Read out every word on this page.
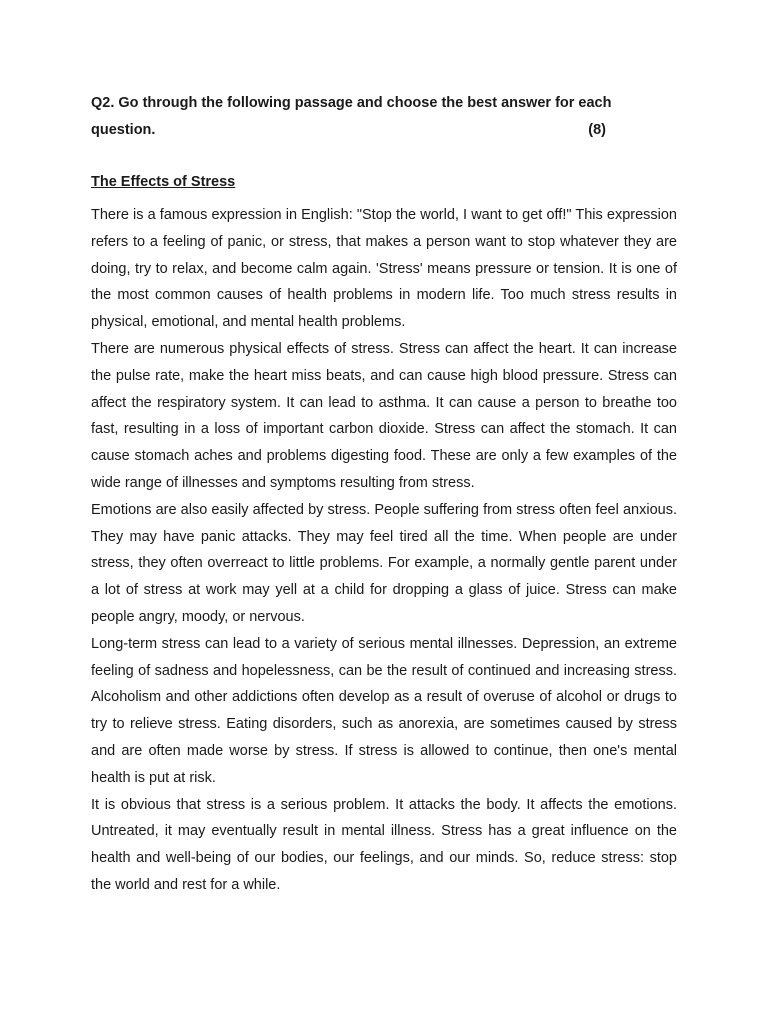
Q2. Go through the following passage and choose the best answer for each
question.	(8)
The Effects of Stress

There is a famous expression in English: "Stop the world, I want to get off!" This expression refers to a feeling of panic, or stress, that makes a person want to stop whatever they are doing, try to relax, and become calm again. 'Stress' means pressure or tension. It is one of the most common causes of health problems in modern life. Too much stress results in physical, emotional, and mental health problems.

There are numerous physical effects of stress. Stress can affect the heart. It can increase the pulse rate, make the heart miss beats, and can cause high blood pressure. Stress can affect the respiratory system. It can lead to asthma. It can cause a person to breathe too fast, resulting in a loss of important carbon dioxide. Stress can affect the stomach. It can cause stomach aches and problems digesting food. These are only a few examples of the wide range of illnesses and symptoms resulting from stress.

Emotions are also easily affected by stress. People suffering from stress often feel anxious. They may have panic attacks. They may feel tired all the time. When people are under stress, they often overreact to little problems. For example, a normally gentle parent under a lot of stress at work may yell at a child for dropping a glass of juice. Stress can make people angry, moody, or nervous.

Long-term stress can lead to a variety of serious mental illnesses. Depression, an extreme feeling of sadness and hopelessness, can be the result of continued and increasing stress. Alcoholism and other addictions often develop as a result of overuse of alcohol or drugs to try to relieve stress. Eating disorders, such as anorexia, are sometimes caused by stress and are often made worse by stress. If stress is allowed to continue, then one's mental health is put at risk.

It is obvious that stress is a serious problem. It attacks the body. It affects the emotions. Untreated, it may eventually result in mental illness. Stress has a great influence on the health and well-being of our bodies, our feelings, and our minds. So, reduce stress: stop the world and rest for a while.
